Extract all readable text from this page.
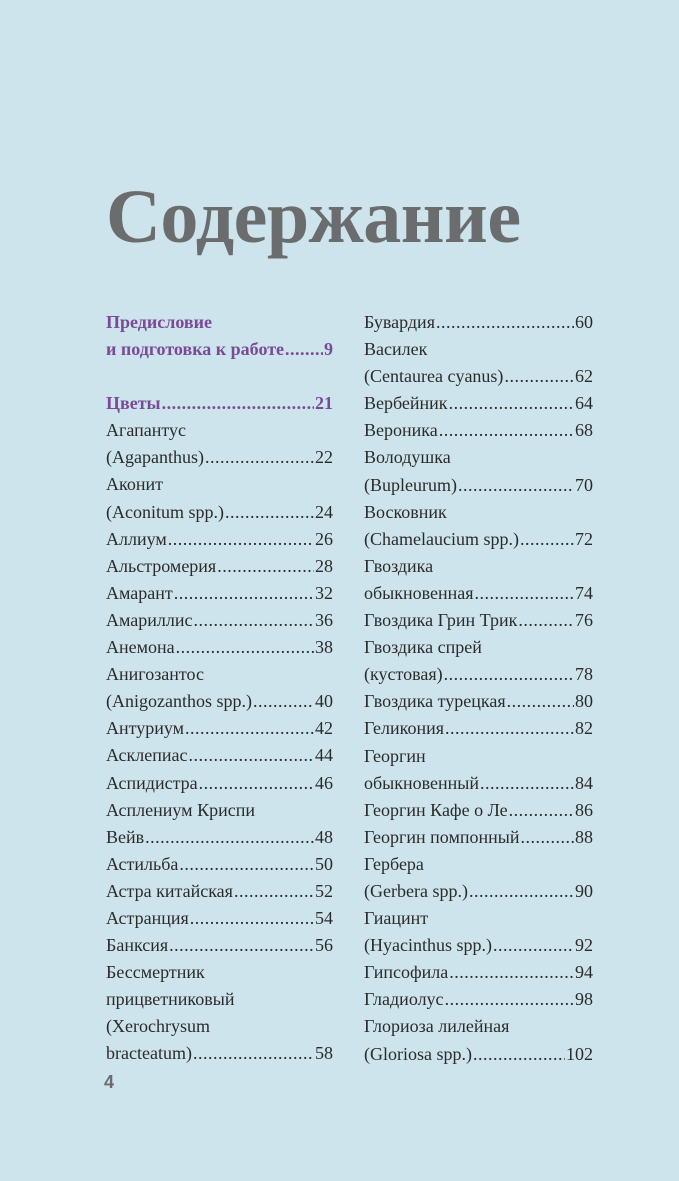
Содержание
Предисловие
и подготовка к работе ..... 9
Цветы .....	21
Агапантус
(Agapanthus) .....	22
Аконит
(Aconitum spp.) .....	24
Аллиум .....	26
Альстромерия .....	28
Амарант .....	32
Амариллис .....	36
Анемона .....	38
Анигозантос
(Anigozanthos spp.) .....	40
Антуриум .....	42
Асклепиас .....	44
Аспидистра .....	46
Асплениум Криспи
Вейв .....	48
Астильба .....	50
Астра китайская .....	52
Астранция .....	54
Банксия .....	56
Бессмертник
прицветниковый
(Xerochrysum
bracteatum) .....	58
Бувардия .....	60
Василек
(Centaurea cyanus) .....	62
Вербейник .....	64
Вероника .....	68
Володушка
(Bupleurum) .....	70
Восковник
(Chamelaucium spp.) .....	72
Гвоздика
обыкновенная .....	74
Гвоздика Грин Трик .....	76
Гвоздика спрей
(кустовая) .....	78
Гвоздика турецкая .....	80
Геликония .....	82
Георгин
обыкновенный .....	84
Георгин Кафе о Ле .....	86
Георгин помпонный .....	88
Гербера
(Gerbera spp.) .....	90
Гиацинт
(Hyacinthus spp.) .....	92
Гипсофила .....	94
Гладиолус .....	98
Глориоза лилейная
(Gloriosa spp.) .....	102
4
